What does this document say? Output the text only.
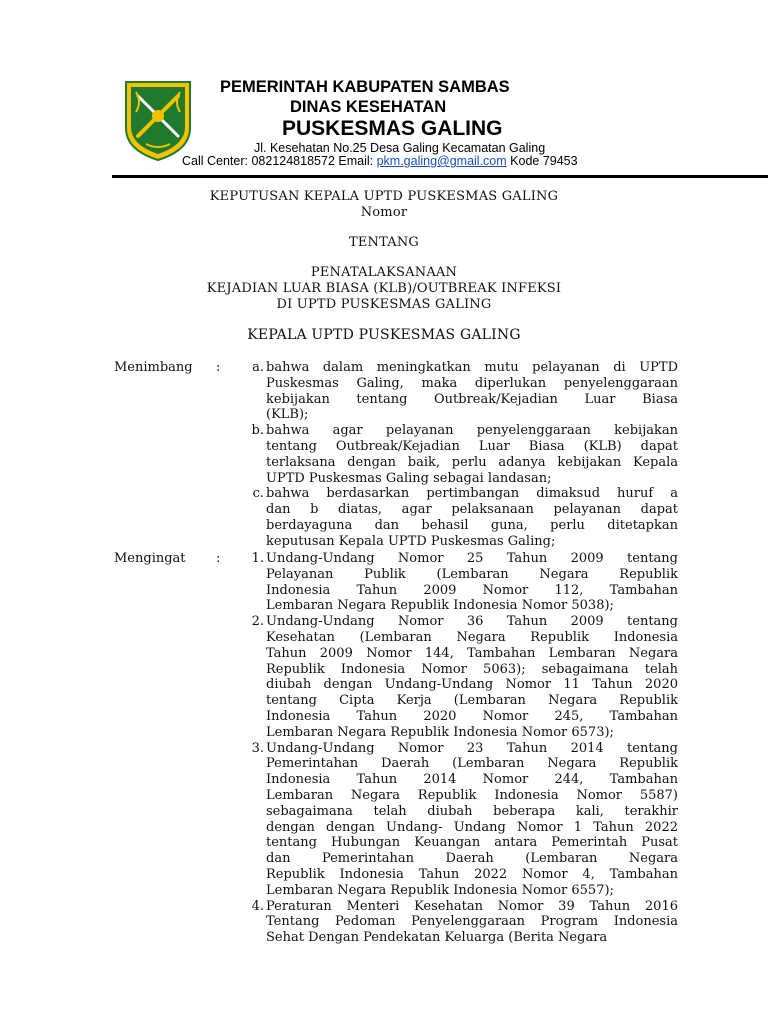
PEMERINTAH KABUPATEN SAMBAS
DINAS KESEHATAN
PUSKESMAS GALING
Jl. Kesehatan No.25 Desa Galing Kecamatan Galing
Call Center: 082124818572 Email: pkm.galing@gmail.com Kode 79453
KEPUTUSAN KEPALA UPTD PUSKESMAS GALING
Nomor
TENTANG
PENATALAKSANAAN
KEJADIAN LUAR BIASA (KLB)/OUTBREAK INFEKSI
DI UPTD PUSKESMAS GALING
KEPALA UPTD PUSKESMAS GALING
Menimbang :	a. bahwa dalam meningkatkan mutu pelayanan di UPTD
Puskesmas Galing, maka diperlukan penyelenggaraan
kebijakan tentang Outbreak/Kejadian Luar Biasa
(KLB);
b. bahwa agar pelayanan penyelenggaraan kebijakan
tentang Outbreak/Kejadian Luar Biasa (KLB) dapat
terlaksana dengan baik, perlu adanya kebijakan Kepala
UPTD Puskesmas Galing sebagai landasan;
c. bahwa berdasarkan pertimbangan dimaksud huruf a
dan b diatas, agar pelaksanaan pelayanan dapat
berdayaguna dan behasil guna, perlu ditetapkan
keputusan Kepala UPTD Puskesmas Galing;
Mengingat :	1. Undang-Undang Nomor 25 Tahun 2009 tentang
Pelayanan Publik (Lembaran Negara Republik
Indonesia Tahun 2009 Nomor 112, Tambahan
Lembaran Negara Republik Indonesia Nomor 5038);
2. Undang-Undang Nomor 36 Tahun 2009 tentang
Kesehatan (Lembaran Negara Republik Indonesia
Tahun 2009 Nomor 144, Tambahan Lembaran Negara
Republik Indonesia Nomor 5063); sebagaimana telah
diubah dengan Undang-Undang Nomor 11 Tahun 2020
tentang Cipta Kerja (Lembaran Negara Republik
Indonesia Tahun 2020 Nomor 245, Tambahan
Lembaran Negara Republik Indonesia Nomor 6573);
3. Undang-Undang Nomor 23 Tahun 2014 tentang
Pemerintahan Daerah (Lembaran Negara Republik
Indonesia Tahun 2014 Nomor 244, Tambahan
Lembaran Negara Republik Indonesia Nomor 5587)
sebagaimana telah diubah beberapa kali, terakhir
dengan dengan Undang- Undang Nomor 1 Tahun 2022
tentang Hubungan Keuangan antara Pemerintah Pusat
dan Pemerintahan Daerah (Lembaran Negara
Republik Indonesia Tahun 2022 Nomor 4, Tambahan
Lembaran Negara Republik Indonesia Nomor 6557);
4. Peraturan Menteri Kesehatan Nomor 39 Tahun 2016
Tentang Pedoman Penyelenggaraan Program Indonesia
Sehat Dengan Pendekatan Keluarga (Berita Negara
